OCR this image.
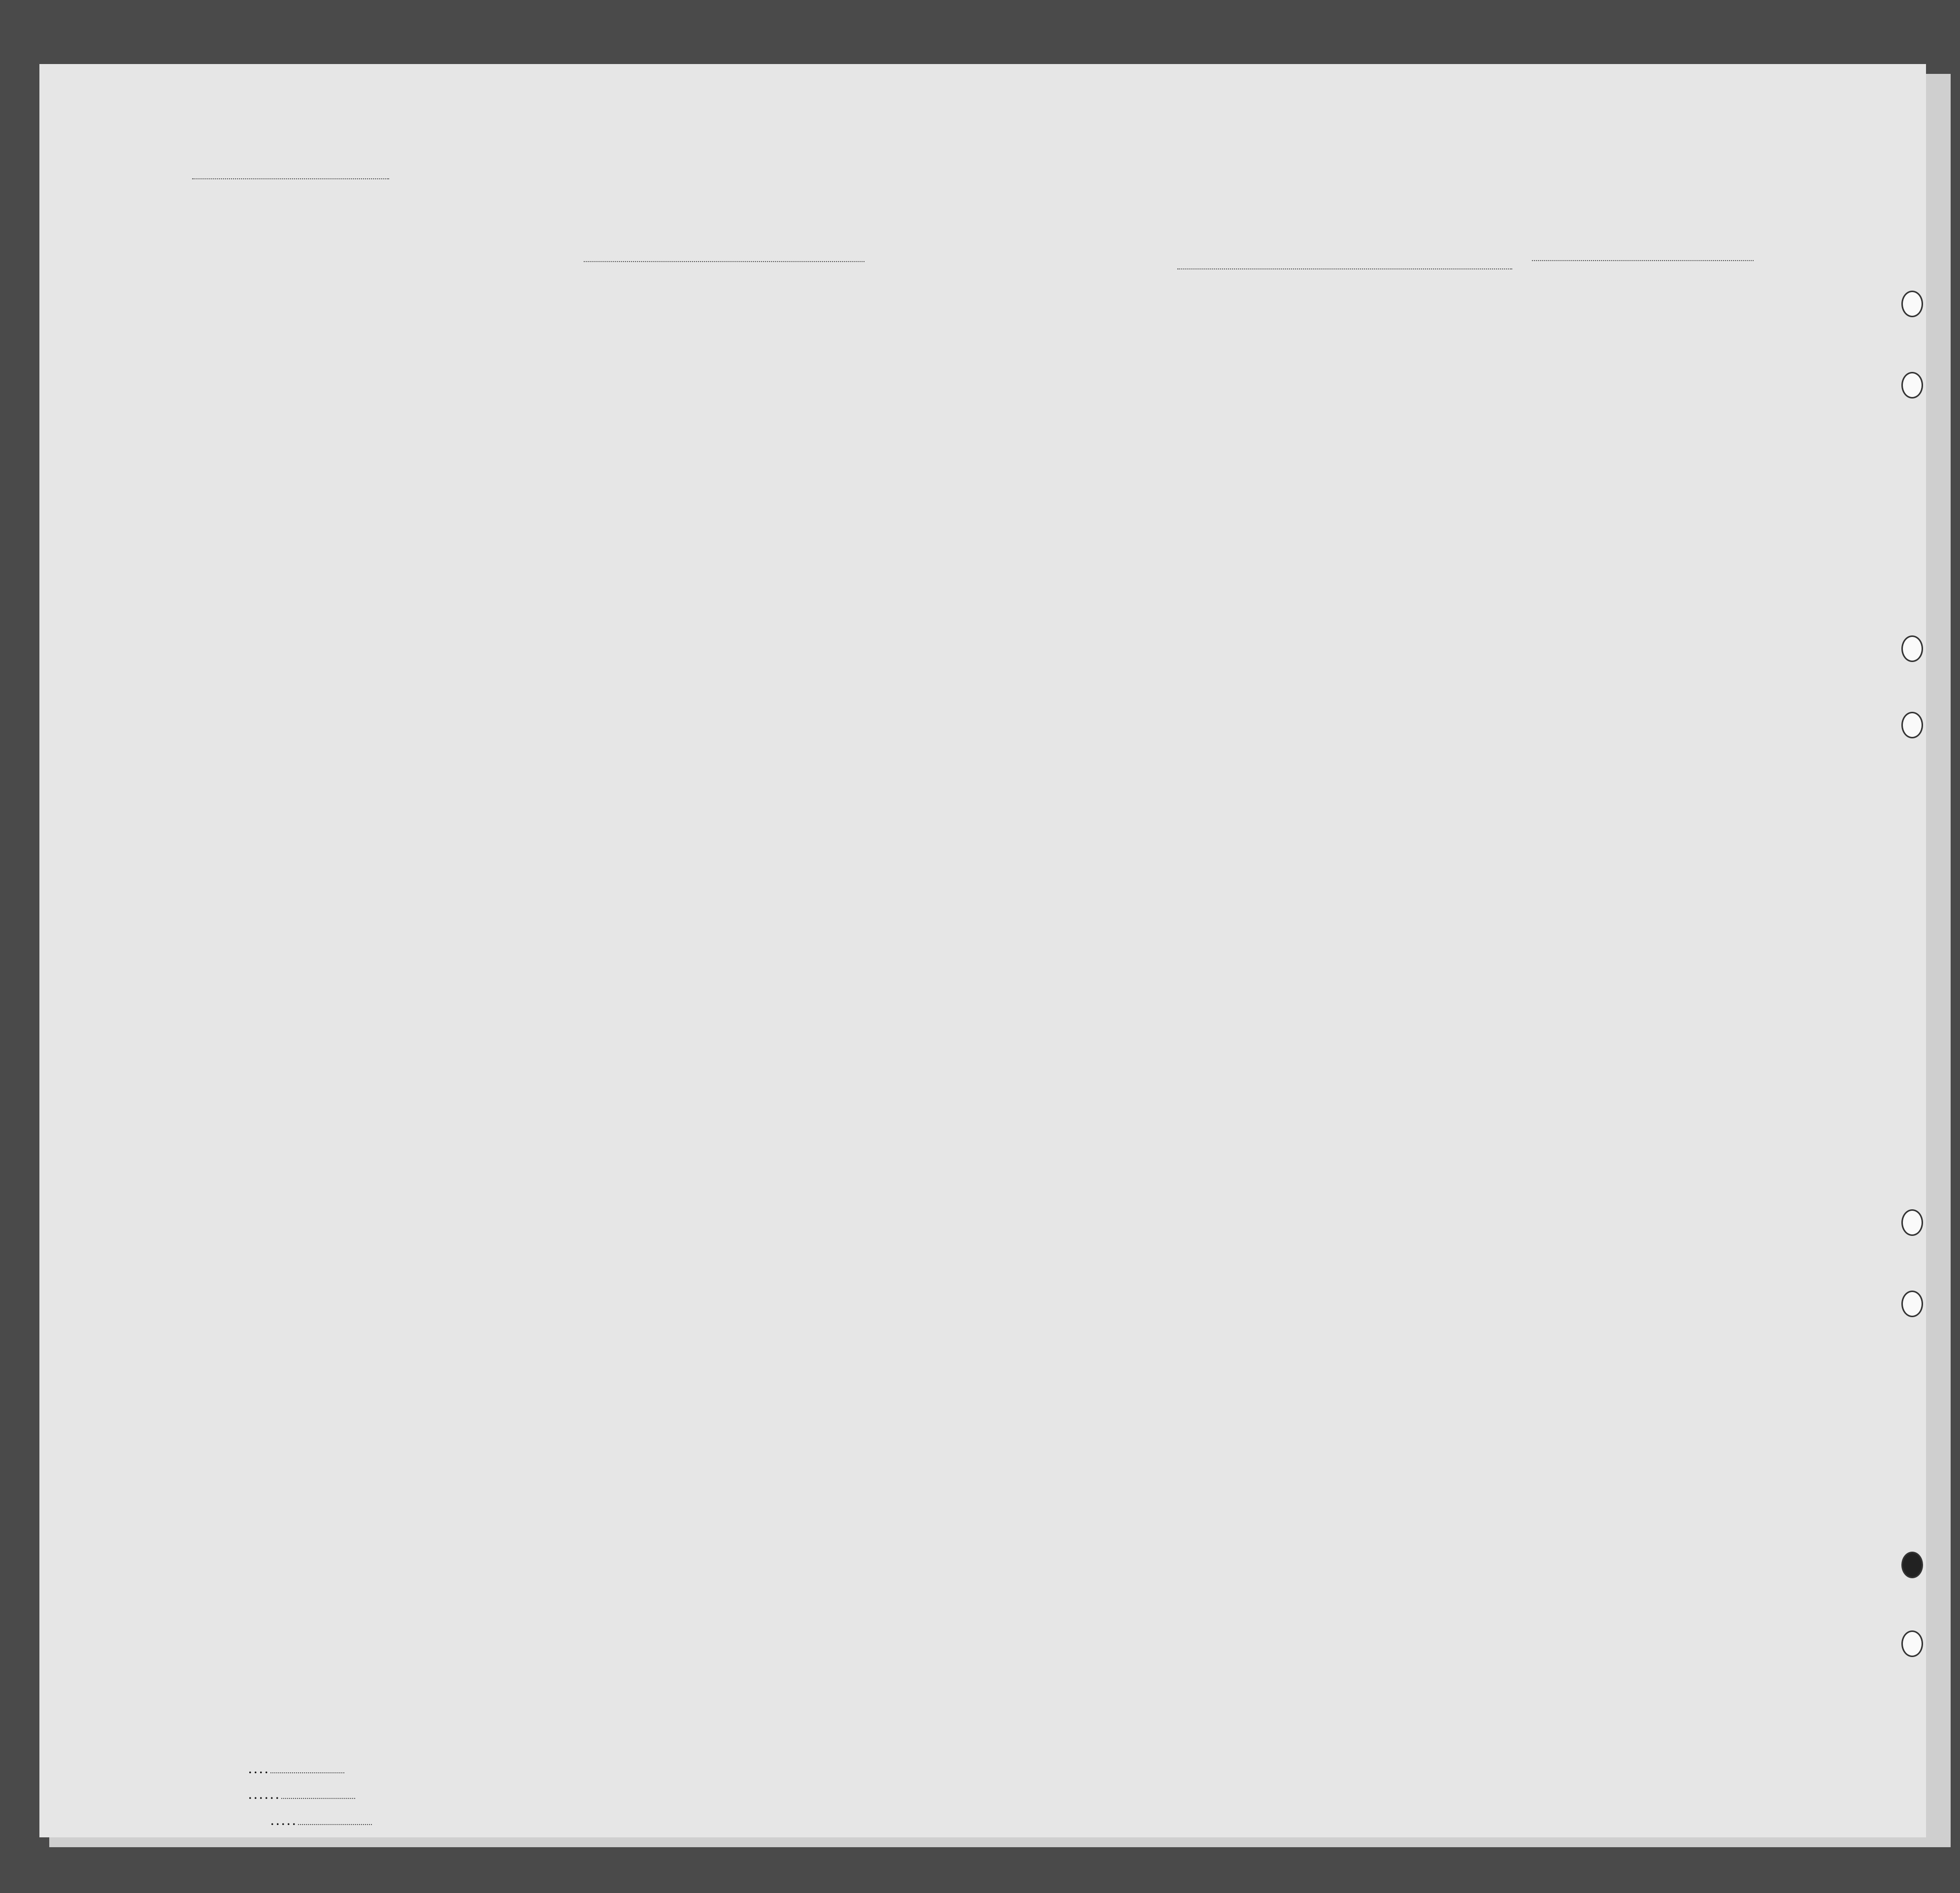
. . . .
. . . . . .
. . . . .
